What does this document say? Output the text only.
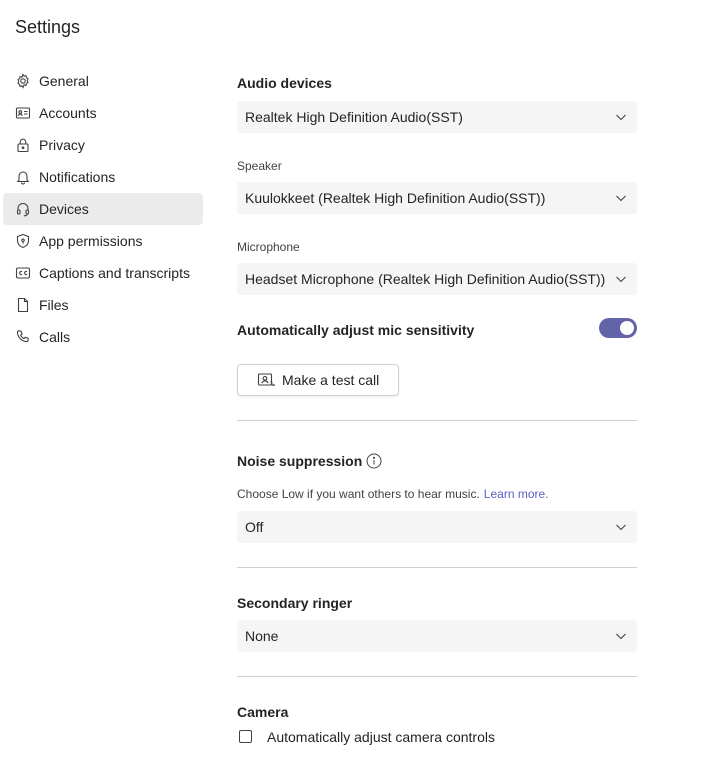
Settings
General
Accounts
Privacy
Notifications
Devices
App permissions
Captions and transcripts
Files
Calls
Audio devices
Realtek High Definition Audio(SST)
Speaker
Kuulokkeet (Realtek High Definition Audio(SST))
Microphone
Headset Microphone (Realtek High Definition Audio(SST))
Automatically adjust mic sensitivity
Make a test call
Noise suppression
Choose Low if you want others to hear music. Learn more.
Off
Secondary ringer
None
Camera
Automatically adjust camera controls
